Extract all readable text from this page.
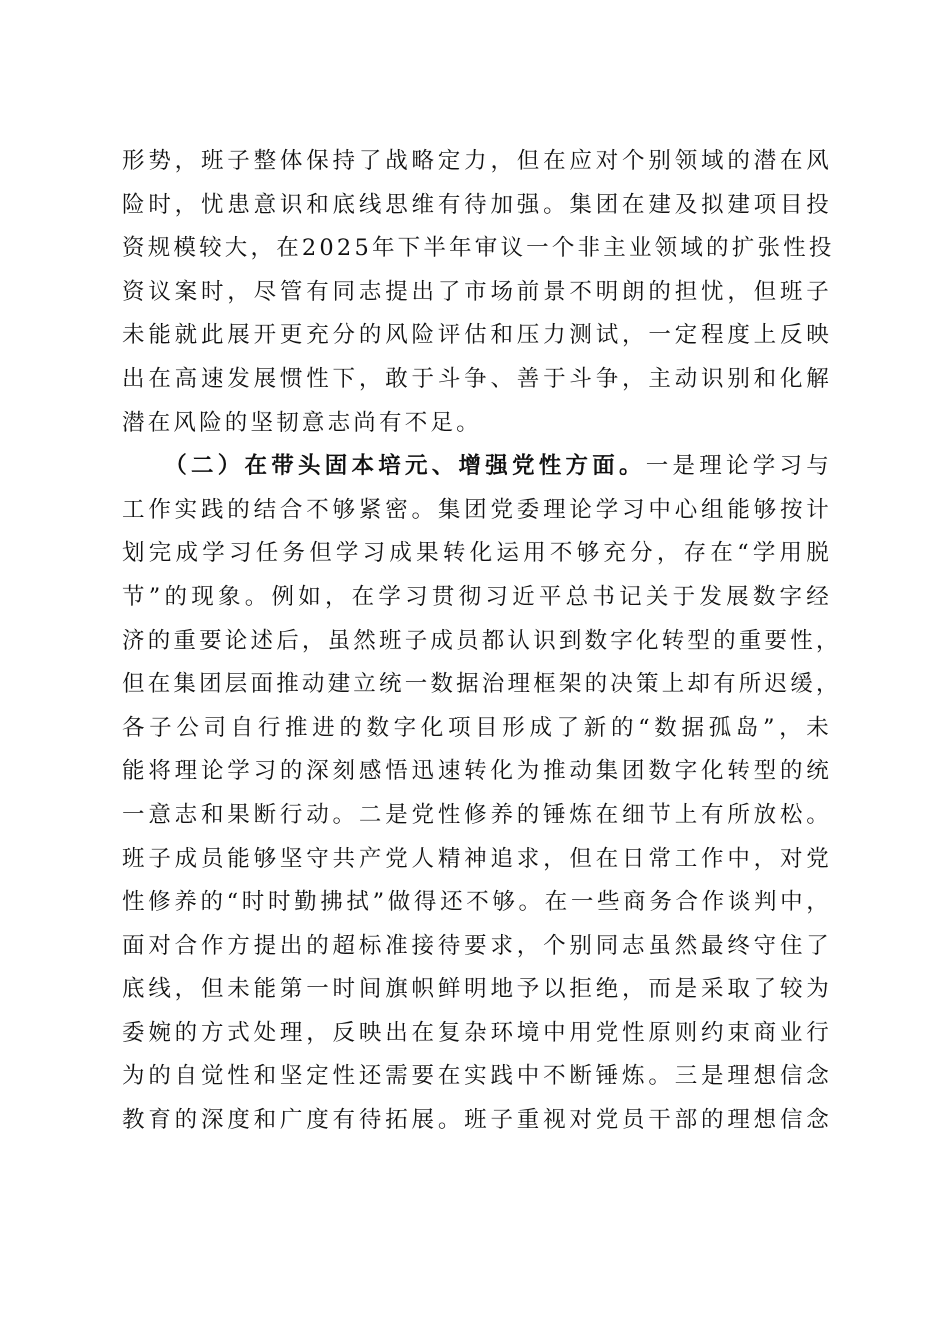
形势，班子整体保持了战略定力，但在应对个别领域的潜在风
险时，忧患意识和底线思维有待加强。集团在建及拟建项目投
资规模较大，在2025年下半年审议一个非主业领域的扩张性投
资议案时，尽管有同志提出了市场前景不明朗的担忧，但班子
未能就此展开更充分的风险评估和压力测试，一定程度上反映
出在高速发展惯性下，敢于斗争、善于斗争，主动识别和化解
潜在风险的坚韧意志尚有不足。
　　（二）在带头固本培元、增强党性方面。一是理论学习与
工作实践的结合不够紧密。集团党委理论学习中心组能够按计
划完成学习任务但学习成果转化运用不够充分，存在“学用脱
节”的现象。例如，在学习贯彻习近平总书记关于发展数字经
济的重要论述后，虽然班子成员都认识到数字化转型的重要性，
但在集团层面推动建立统一数据治理框架的决策上却有所迟缓，
各子公司自行推进的数字化项目形成了新的“数据孤岛”，未
能将理论学习的深刻感悟迅速转化为推动集团数字化转型的统
一意志和果断行动。二是党性修养的锤炼在细节上有所放松。
班子成员能够坚守共产党人精神追求，但在日常工作中，对党
性修养的“时时勤拂拭”做得还不够。在一些商务合作谈判中，
面对合作方提出的超标准接待要求，个别同志虽然最终守住了
底线，但未能第一时间旗帜鲜明地予以拒绝，而是采取了较为
委婉的方式处理，反映出在复杂环境中用党性原则约束商业行
为的自觉性和坚定性还需要在实践中不断锤炼。三是理想信念
教育的深度和广度有待拓展。班子重视对党员干部的理想信念
